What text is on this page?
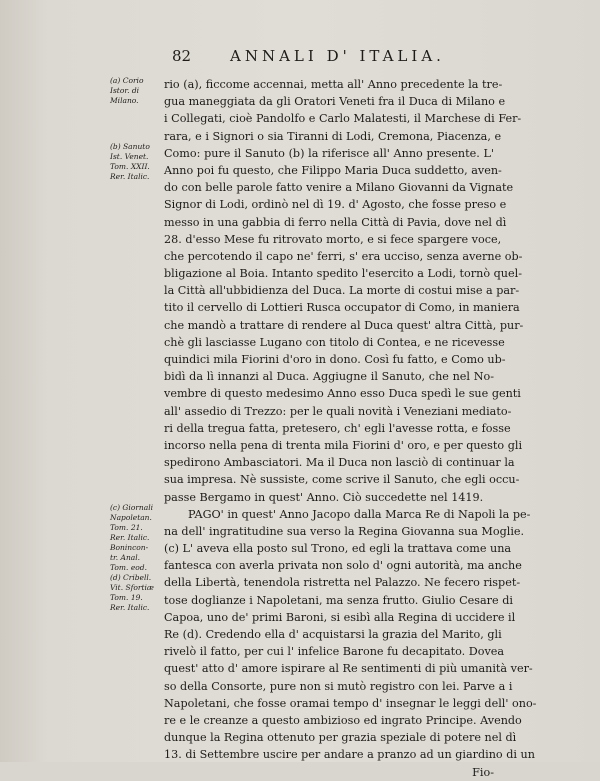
82	ANNALI D' ITALIA.
(a) Corio
Istor. di
Milano.
(b) Sanuto
Ist. Venet.
Tom. XXII.
Rer. Italic.
(c) Giornali
Napoletan.
Tom. 21.
Rer. Italic.
Bonincon-
tr. Anal.
Tom. eod.
(d) Cribell.
Vit. Sfortiæ
Tom. 19.
Rer. Italic.
rio (a), ficcome accennai, metta all' Anno precedente la tre-
gua maneggiata da gli Oratori Veneti fra il Duca di Milano e
i Collegati, cioè Pandolfo e Carlo Malatesti, il Marchese di Fer-
rara, e i Signori o sia Tiranni di Lodi, Cremona, Piacenza, e
Como: pure il Sanuto (b) la riferisce all' Anno presente. L'
Anno poi fu questo, che Filippo Maria Duca suddetto, aven-
do con belle parole fatto venire a Milano Giovanni da Vignate
Signor di Lodi, ordinò nel dì 19. d' Agosto, che fosse preso e
messo in una gabbia di ferro nella Città di Pavia, dove nel dì
28. d'esso Mese fu ritrovato morto, e si fece spargere voce,
che percotendo il capo ne' ferri, s' era ucciso, senza averne ob-
bligazione al Boia. Intanto spedito l'esercito a Lodi, tornò quel-
la Città all'ubbidienza del Duca. La morte di costui mise a par-
tito il cervello di Lottieri Rusca occupator di Como, in maniera
che mandò a trattare di rendere al Duca quest' altra Città, pur-
chè gli lasciasse Lugano con titolo di Contea, e ne ricevesse
quindici mila Fiorini d'oro in dono. Così fu fatto, e Como ub-
bidì da lì innanzi al Duca. Aggiugne il Sanuto, che nel No-
vembre di questo medesimo Anno esso Duca spedì le sue genti
all' assedio di Trezzo: per le quali novità i Veneziani mediato-
ri della tregua fatta, pretesero, ch' egli l'avesse rotta, e fosse
incorso nella pena di trenta mila Fiorini d' oro, e per questo gli
spedirono Ambasciatori. Ma il Duca non lasciò di continuar la
sua impresa. Nè sussiste, come scrive il Sanuto, che egli occu-
passe Bergamo in quest' Anno. Ciò succedette nel 1419.
PAGO' in quest' Anno Jacopo dalla Marca Re di Napoli la pe-
na dell' ingratitudine sua verso la Regina Giovanna sua Moglie.
(c) L' aveva ella posto sul Trono, ed egli la trattava come una
fantesca con averla privata non solo d' ogni autorità, ma anche
della Libertà, tenendola ristretta nel Palazzo. Ne fecero rispet-
tose doglianze i Napoletani, ma senza frutto. Giulio Cesare di
Capoa, uno de' primi Baroni, si esibì alla Regina di uccidere il
Re (d). Credendo ella d' acquistarsi la grazia del Marito, gli
rivelò il fatto, per cui l' infelice Barone fu decapitato. Dovea
quest' atto d' amore ispirare al Re sentimenti di più umanità ver-
so della Consorte, pure non si mutò registro con lei. Parve a i
Napoletani, che fosse oramai tempo d' insegnar le leggi dell' ono-
re e le creanze a questo ambizioso ed ingrato Principe. Avendo
dunque la Regina ottenuto per grazia speziale di potere nel dì
13. di Settembre uscire per andare a pranzo ad un giardino di un
Fio-
